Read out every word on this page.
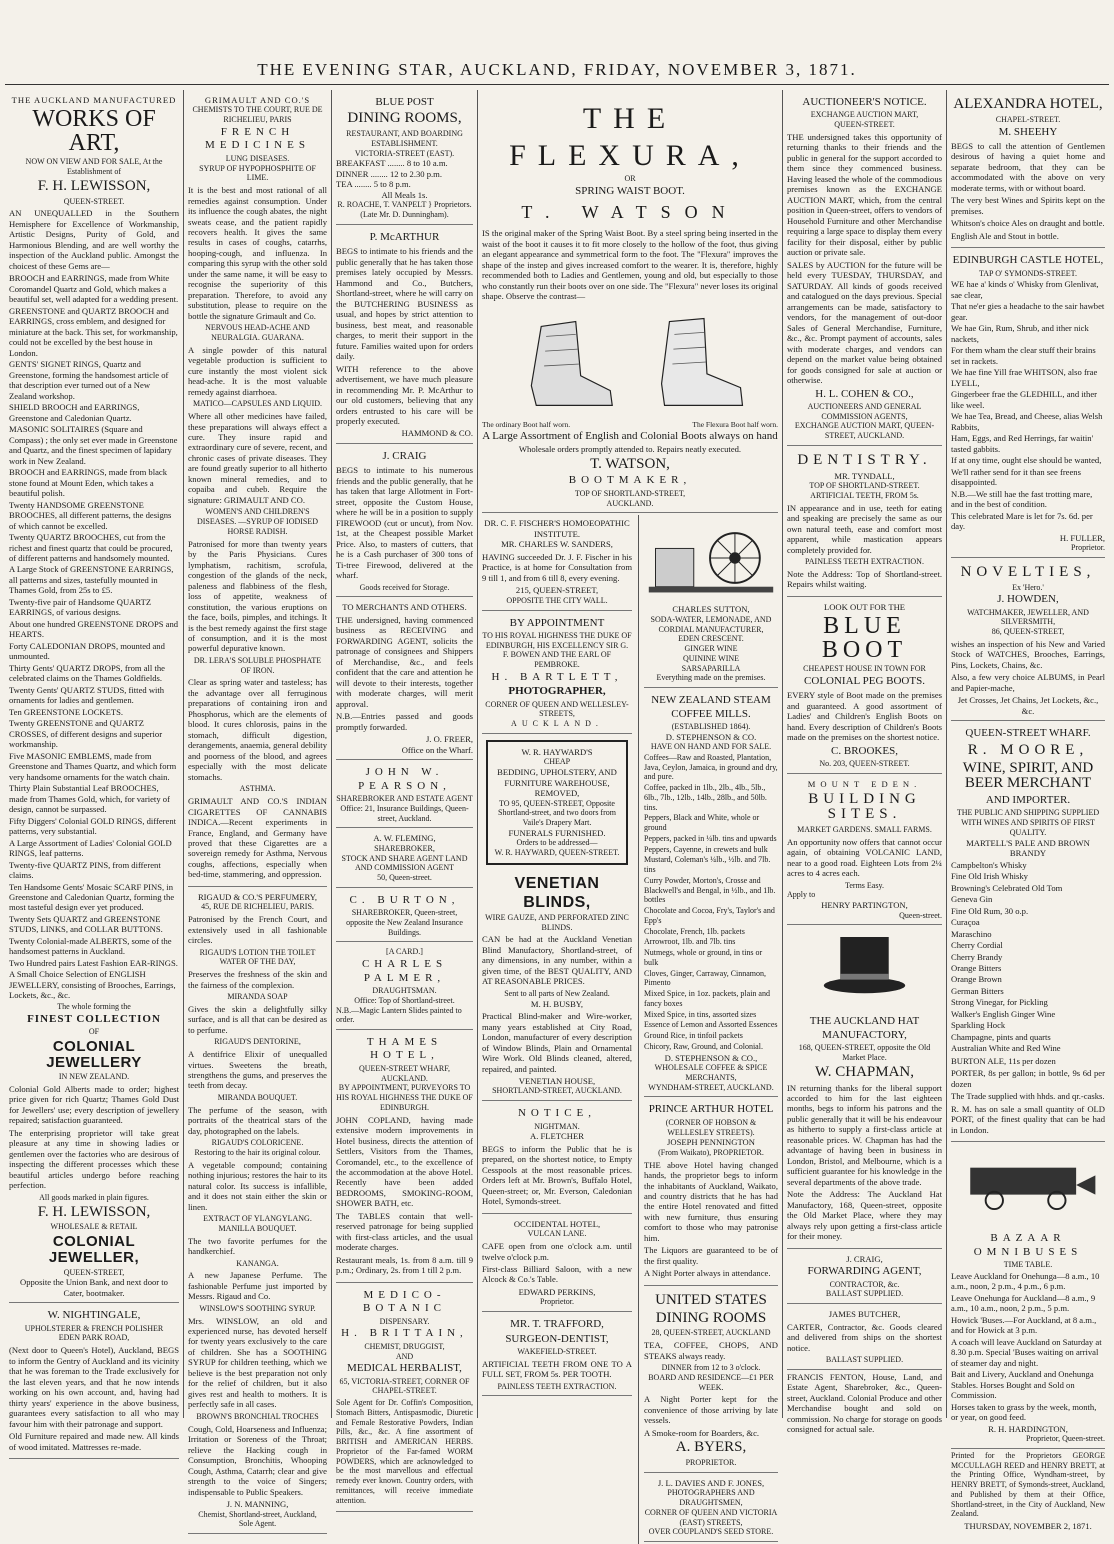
THE EVENING STAR, AUCKLAND, FRIDAY, NOVEMBER 3, 1871.
THE AUCKLAND MANUFACTURED
WORKS OF ART,
NOW ON VIEW AND FOR SALE, At the Establishment of
F. H. LEWISSON,
QUEEN-STREET.

AN UNEQUALLED in the Southern Hemisphere for Excellence of Workmanship, Artistic Designs, Purity of Gold, and Harmonious Blending, and are well worthy the inspection of the Auckland public. Amongst the choicest of these Gems are—

BROOCH and EARRINGS, made from White Coromandel Quartz and Gold, which makes a beautiful set, well adapted for a wedding present.

GREENSTONE and QUARTZ BROOCH and EARRINGS, cross emblem, and designed for miniature at the back. This set, for workmanship, could not be excelled by the best house in London.

GENTS' SIGNET RINGS, Quartz and Greenstone, forming the handsomest article of that description ever turned out of a New Zealand workshop.

SHIELD BROOCH and EARRINGS, Greenstone and Caledonian Quartz.

MASONIC SOLITAIRES (Square and Compass) ; the only set ever made in Greenstone and Quartz, and the finest specimen of lapidary work in New Zealand.

BROOCH and EARRINGS, made from black stone found at Mount Eden, which takes a beautiful polish.

Twenty HANDSOME GREENSTONE BROOCHES, all different patterns, the designs of which cannot be excelled.

Twenty QUARTZ BROOCHES, cut from the richest and finest quartz that could be procured, of different patterns and handsomely mounted.

A Large Stock of GREENSTONE EARRINGS, all patterns and sizes, tastefully mounted in Thames Gold, from 25s to £5.

Twenty-five pair of Handsome QUARTZ EARRINGS, of various designs.

About one hundred GREENSTONE DROPS and HEARTS.

Forty CALEDONIAN DROPS, mounted and unmounted.

Thirty Gents' QUARTZ DROPS, from all the celebrated claims on the Thames Goldfields.

Twenty Gents' QUARTZ STUDS, fitted with ornaments for ladies and gentlemen.

Ten GREENSTONE LOCKETS.

Twenty GREENSTONE and QUARTZ CROSSES, of different designs and superior workmanship.

Five MASONIC EMBLEMS, made from Greenstone and Thames Quartz, and which form very handsome ornaments for the watch chain.

Thirty Plain Substantial Leaf BROOCHES, made from Thames Gold, which, for variety of design, cannot be surpassed.

Fifty Diggers' Colonial GOLD RINGS, different patterns, very substantial.

A Large Assortment of Ladies' Colonial GOLD RINGS, leaf patterns.

Twenty-five QUARTZ PINS, from different claims.

Ten Handsome Gents' Mosaic SCARF PINS, in Greenstone and Caledonian Quartz, forming the most tasteful design ever yet produced.

Twenty Sets QUARTZ and GREENSTONE STUDS, LINKS, and COLLAR BUTTONS.

Twenty Colonial-made ALBERTS, some of the handsomest patterns in Auckland.

Two Hundred pairs Latest Fashion EAR-RINGS.

A Small Choice Selection of ENGLISH JEWELLERY, consisting of Brooches, Earrings, Lockets, &c., &c.

The whole forming the
FINEST COLLECTION
OF
COLONIAL JEWELLERY
IN NEW ZEALAND.

Colonial Gold Alberts made to order; highest price given for rich Quartz; Thames Gold Dust for Jewellers' use; every description of jewellery repaired; satisfaction guaranteed.

The enterprising proprietor will take great pleasure at any time in showing ladies or gentlemen over the factories who are desirous of inspecting the different processes which these beautiful articles undergo before reaching perfection.

All goods marked in plain figures.
F. H. LEWISSON,
WHOLESALE & RETAIL
COLONIAL JEWELLER,
QUEEN-STREET,
Opposite the Union Bank, and next door to Cater, bootmaker.
W. NIGHTINGALE,
UPHOLSTERER & FRENCH POLISHER
EDEN PARK ROAD,

(Next door to Queen's Hotel), Auckland, BEGS to inform the Gentry of Auckland and its vicinity that he was foreman to the Trade exclusively for the last eleven years, and that he now intends working on his own account, and, having had thirty years' experience in the above business, guarantees every satisfaction to all who may favour him with their patronage and support.

Old Furniture repaired and made new. All kinds of wood imitated. Mattresses re-made.

GRIMAULT AND CO.'S
CHEMISTS TO THE COURT, RUE DE RICHELIEU, PARIS
FRENCH MEDICINES
LUNG DISEASES.
SYRUP OF HYPOPHOSPHITE OF LIME.

It is the best and most rational of all remedies against consumption. Under its influence the cough abates, the night sweats cease, and the patient rapidly recovers health. It gives the same results in cases of coughs, catarrhs, hooping-cough, and influenza. In comparing this syrup with the other sold under the same name, it will be easy to recognise the superiority of this preparation. Therefore, to avoid any substitution, please to require on the bottle the signature Grimault and Co.

NERVOUS HEAD-ACHE AND NEURALGIA. GUARANA.

A single powder of this natural vegetable production is sufficient to cure instantly the most violent sick head-ache. It is the most valuable remedy against diarrhoea.

MATICO—CAPSULES AND LIQUID.

Where all other medicines have failed, these preparations will always effect a cure. They insure rapid and extraordinary cure of severe, recent, and chronic cases of private diseases. They are found greatly superior to all hitherto known mineral remedies, and to copaiba and cubeb. Require the signature: GRIMAULT AND CO.

WOMEN'S AND CHILDREN'S DISEASES. —SYRUP OF IODISED HORSE RADISH.

Patronised for more than twenty years by the Paris Physicians. Cures lymphatism, rachitism, scrofula, congestion of the glands of the neck, paleness and flabbiness of the flesh, loss of appetite, weakness of constitution, the various eruptions on the face, boils, pimples, and itchings. It is the best remedy against the first stage of consumption, and it is the most powerful depurative known.

DR. LERA'S SOLUBLE PHOSPHATE OF IRON.

Clear as spring water and tasteless; has the advantage over all ferruginous preparations of containing iron and Phosphorus, which are the elements of blood. It cures chlorosis, pains in the stomach, difficult digestion, derangements, anaemia, general debility and poorness of the blood, and agrees especially with the most delicate stomachs.

ASTHMA.

GRIMAULT AND CO.'S INDIAN CIGARETTES OF CANNABIS INDICA.—Recent experiments in France, England, and Germany have proved that these Cigarettes are a sovereign remedy for Asthma, Nervous coughs, affections, especially when bed-time, stammering, and oppression.

RIGAUD & CO.'S PERFUMERY,
45, RUE DE RICHELIEU, PARIS.

Patronised by the French Court, and extensively used in all fashionable circles.

RIGAUD'S LOTION THE TOILET WATER OF THE DAY,

Preserves the freshness of the skin and the fairness of the complexion.

MIRANDA SOAP

Gives the skin a delightfully silky surface, and is all that can be desired as to perfume.

RIGAUD'S DENTORINE,

A dentifrice Elixir of unequalled virtues. Sweetens the breath, strengthens the gums, and preserves the teeth from decay.

MIRANDA BOUQUET.

The perfume of the season, with portraits of the theatrical stars of the day, photographed on the labels.

RIGAUD'S COLORICENE.
Restoring to the hair its original colour.

A vegetable compound; containing nothing injurious; restores the hair to its natural color. Its success is infallible, and it does not stain either the skin or linen.

EXTRACT OF YLANGYLANG. MANILLA BOUQUET.

The two favorite perfumes for the handkerchief.

KANANGA.

A new Japanese Perfume. The fashionable Perfume just imported by Messrs. Rigaud and Co.

WINSLOW'S SOOTHING SYRUP.

Mrs. WINSLOW, an old and experienced nurse, has devoted herself for twenty years exclusively to the care of children. She has a SOOTHING SYRUP for children teething, which we believe is the best preparation not only for the relief of children, but it also gives rest and health to mothers. It is perfectly safe in all cases.

BROWN'S BRONCHIAL TROCHES

Cough, Cold, Hoarseness and Influenza; Irritation or Soreness of the Throat; relieve the Hacking cough in Consumption, Bronchitis, Whooping Cough, Asthma, Catarrh; clear and give strength to the voice of Singers; indispensable to Public Speakers.

J. N. MANNING,
Chemist, Shortland-street, Auckland,
Sole Agent.
BLUE POST
DINING ROOMS,
RESTAURANT, AND BOARDING
ESTABLISHMENT.
VICTORIA-STREET (EAST).
BREAKFAST ........ 8 to 10 a.m.
DINNER ........ 12 to 2.30 p.m.
TEA ........ 5 to 8 p.m.
All Meals 1s.
R. ROACHE, T. VANPELT } Proprietors.
(Late Mr. D. Dunningham).
P. McARTHUR

BEGS to intimate to his friends and the public generally that he has taken those premises lately occupied by Messrs. Hammond and Co., Butchers, Shortland-street, where he will carry on the BUTCHERING BUSINESS as usual, and hopes by strict attention to business, best meat, and reasonable charges, to merit their support in the future. Families waited upon for orders daily.

WITH reference to the above advertisement, we have much pleasure in recommending Mr. P. McArthur to our old customers, believing that any orders entrusted to his care will be properly executed.

HAMMOND & CO.
J. CRAIG

BEGS to intimate to his numerous friends and the public generally, that he has taken that large Allotment in Fort-street, opposite the Custom House, where he will be in a position to supply FIREWOOD (cut or uncut), from Nov. 1st, at the Cheapest possible Market Price. Also, to masters of cutters, that he is a Cash purchaser of 300 tons of Ti-tree Firewood, delivered at the wharf.

Goods received for Storage.
TO MERCHANTS AND OTHERS.

THE undersigned, having commenced business as RECEIVING and FORWARDING AGENT, solicits the patronage of consignees and Shippers of Merchandise, &c., and feels confident that the care and attention he will devote to their interests, together with moderate charges, will merit approval.

N.B.—Entries passed and goods promptly forwarded.

J. O. FREER,
Office on the Wharf.
JOHN W. PEARSON,
SHAREBROKER AND ESTATE AGENT
Office: 21, Insurance Buildings, Queen-street, Auckland.
A. W. FLEMING,
SHAREBROKER,
STOCK AND SHARE AGENT LAND AND COMMISSION AGENT
50, Queen-street.
C. BURTON,
SHAREBROKER, Queen-street,
opposite the New Zealand Insurance Buildings.
[A CARD.]
CHARLES PALMER,
DRAUGHTSMAN.
Office: Top of Shortland-street.
N.B.—Magic Lantern Slides painted to order.
THAMES HOTEL,
QUEEN-STREET WHARF, AUCKLAND.
BY APPOINTMENT, PURVEYORS TO HIS ROYAL HIGHNESS THE DUKE OF EDINBURGH.

JOHN COPLAND, having made extensive modern improvements in Hotel business, directs the attention of Settlers, Visitors from the Thames, Coromandel, etc., to the excellence of the accommodation at the above Hotel. Recently have been added BEDROOMS, SMOKING-ROOM, SHOWER BATH, etc.

The TABLES contain that well-reserved patronage for being supplied with first-class articles, and the usual moderate charges.

Restaurant meals, 1s. from 8 a.m. till 9 p.m.; Ordinary, 2s. from 1 till 2 p.m.

MEDICO-BOTANIC
DISPENSARY.
H. BRITTAIN,
CHEMIST, DRUGGIST,
AND
MEDICAL HERBALIST,
65, VICTORIA-STREET, CORNER OF CHAPEL-STREET.

Sole Agent for Dr. Coffin's Composition, Stomach Bitters, Antispasmodic, Diuretic and Female Restorative Powders, Indian Pills, &c., &c. A fine assortment of BRITISH and AMERICAN HERBS. Proprietor of the Far-famed WORM POWDERS, which are acknowledged to be the most marvellous and effectual remedy ever known. Country orders, with remittances, will receive immediate attention.

THE FLEXURA,
OR
SPRING WAIST BOOT.
T. WATSON

IS the original maker of the Spring Waist Boot. By a steel spring being inserted in the waist of the boot it causes it to fit more closely to the hollow of the foot, thus giving an elegant appearance and symmetrical form to the foot. The "Flexura" improves the shape of the instep and gives increased comfort to the wearer. It is, therefore, highly recommended both to Ladies and Gentlemen, young and old, but especially to those who constantly run their boots over on one side. The "Flexura" never loses its original shape. Observe the contrast—

The ordinary Boot half worn.	The Flexura Boot half worn.
A Large Assortment of English and Colonial Boots always on hand
Wholesale orders promptly attended to. Repairs neatly executed.
T. WATSON,
BOOTMAKER,
TOP OF SHORTLAND-STREET,
AUCKLAND.
DR. C. F. FISCHER'S HOMOEOPATHIC INSTITUTE.
MR. CHARLES W. SANDERS,

HAVING succeeded Dr. J. F. Fischer in his Practice, is at home for Consultation from 9 till 1, and from 6 till 8, every evening.

215, QUEEN-STREET,
OPPOSITE THE CITY WALL.
BY APPOINTMENT
TO HIS ROYAL HIGHNESS THE DUKE OF EDINBURGH, HIS EXCELLENCY SIR G. F. BOWEN AND THE EARL OF PEMBROKE.
H. BARTLETT,
PHOTOGRAPHER,
CORNER OF QUEEN AND WELLESLEY-STREETS,
AUCKLAND.
W. R. HAYWARD'S
CHEAP
BEDDING, UPHOLSTERY, AND FURNITURE WAREHOUSE, REMOVED,
TO 95, QUEEN-STREET, Opposite Shortland-street, and two doors from Vaile's Drapery Mart.
FUNERALS FURNISHED.
Orders to be addressed—
W. R. HAYWARD, QUEEN-STREET.
VENETIAN BLINDS,
WIRE GAUZE, AND PERFORATED ZINC BLINDS.

CAN be had at the Auckland Venetian Blind Manufactory, Shortland-street, of any dimensions, in any number, within a given time, of the BEST QUALITY, AND AT REASONABLE PRICES.

Sent to all parts of New Zealand.
M. H. BUSBY,

Practical Blind-maker and Wire-worker, many years established at City Road, London, manufacturer of every description of Window Blinds, Plain and Ornamental Wire Work. Old Blinds cleaned, altered, repaired, and painted.

VENETIAN HOUSE,
SHORTLAND-STREET, AUCKLAND.
NOTICE,
NIGHTMAN.
A. FLETCHER

BEGS to inform the Public that he is prepared, on the shortest notice, to Empty Cesspools at the most reasonable prices. Orders left at Mr. Brown's, Buffalo Hotel, Queen-street; or, Mr. Everson, Caledonian Hotel, Symonds-street.

OCCIDENTAL HOTEL,
VULCAN LANE.

CAFE open from one o'clock a.m. until twelve o'clock p.m.

First-class Billiard Saloon, with a new Alcock & Co.'s Table.

EDWARD PERKINS,
Proprietor.
MR. T. TRAFFORD,
SURGEON-DENTIST,
WAKEFIELD-STREET.

ARTIFICIAL TEETH FROM ONE TO A FULL SET, FROM 5s. PER TOOTH.

PAINLESS TEETH EXTRACTION.
CHARLES SUTTON,
SODA-WATER, LEMONADE, AND CORDIAL MANUFACTURER,
EDEN CRESCENT.
GINGER WINE
QUININE WINE
SARSAPARILLA
Everything made on the premises.
NEW ZEALAND STEAM COFFEE MILLS.
(ESTABLISHED 1864).
D. STEPHENSON & CO.
HAVE ON HAND AND FOR SALE.

Coffees—Raw and Roasted, Plantation, Java, Ceylon, Jamaica, in ground and dry, and pure.

Coffee, packed in 1lb., 2lb., 4lb., 5lb., 6lb., 7lb., 12lb., 14lb., 28lb., and 50lb. tins.

Peppers, Black and White, whole or ground

Peppers, packed in ¼lb. tins and upwards

Peppers, Cayenne, in crewets and bulk

Mustard, Coleman's ¼lb., ½lb. and 7lb. tins

Curry Powder, Morton's, Crosse and Blackwell's and Bengal, in ½lb., and 1lb. bottles

Chocolate and Cocoa, Fry's, Taylor's and Epp's

Chocolate, French, 1lb. packets

Arrowroot, 1lb. and 7lb. tins

Nutmegs, whole or ground, in tins or bulk

Cloves, Ginger, Carraway, Cinnamon, Pimento

Mixed Spice, in 1oz. packets, plain and fancy boxes

Mixed Spice, in tins, assorted sizes

Essence of Lemon and Assorted Essences

Ground Rice, in tinfoil packets

Chicory, Raw, Ground, and Colonial.

D. STEPHENSON & CO.,
WHOLESALE COFFEE & SPICE MERCHANTS,
WYNDHAM-STREET, AUCKLAND.
PRINCE ARTHUR HOTEL
(CORNER OF HOBSON & WELLESLEY STREETS).
JOSEPH PENNINGTON
(From Waikato), PROPRIETOR.

THE above Hotel having changed hands, the proprietor begs to inform the inhabitants of Auckland, Waikato, and country districts that he has had the entire Hotel renovated and fitted with new furniture, thus ensuring comfort to those who may patronise him.

The Liquors are guaranteed to be of the first quality.

A Night Porter always in attendance.

UNITED STATES
DINING ROOMS
28, QUEEN-STREET, AUCKLAND

TEA, COFFEE, CHOPS, AND STEAKS always ready.

DINNER from 12 to 3 o'clock.
BOARD AND RESIDENCE—£1 PER WEEK.

A Night Porter kept for the convenience of those arriving by late vessels.

A Smoke-room for Boarders, &c.

A. BYERS,
PROPRIETOR.
J. L. DAVIES AND F. JONES,
PHOTOGRAPHERS AND DRAUGHTSMEN,
CORNER OF QUEEN AND VICTORIA (EAST) STREETS,
OVER COUPLAND'S SEED STORE.
AUCTIONEER'S NOTICE.
EXCHANGE AUCTION MART,
QUEEN-STREET.

THE undersigned takes this opportunity of returning thanks to their friends and the public in general for the support accorded to them since they commenced business. Having leased the whole of the commodious premises known as the EXCHANGE AUCTION MART, which, from the central position in Queen-street, offers to vendors of Household Furniture and other Merchandise requiring a large space to display them every facility for their disposal, either by public auction or private sale.

SALES by AUCTION for the future will be held every TUESDAY, THURSDAY, and SATURDAY. All kinds of goods received and catalogued on the days previous. Special arrangements can be made, satisfactory to vendors, for the management of out-door Sales of General Merchandise, Furniture, &c., &c. Prompt payment of accounts, sales with moderate charges, and vendors can depend on the market value being obtained for goods consigned for sale at auction or otherwise.

H. L. COHEN & CO.,
AUCTIONEERS AND GENERAL COMMISSION AGENTS,
EXCHANGE AUCTION MART, QUEEN-STREET, AUCKLAND.
DENTISTRY.
MR. TYNDALL,
TOP OF SHORTLAND-STREET.
ARTIFICIAL TEETH, FROM 5s.

IN appearance and in use, teeth for eating and speaking are precisely the same as our own natural teeth, ease and comfort most apparent, while mastication appears completely provided for.

PAINLESS TEETH EXTRACTION.

Note the Address: Top of Shortland-street. Repairs whilst waiting.

LOOK OUT FOR THE
BLUE BOOT
CHEAPEST HOUSE IN TOWN FOR
COLONIAL PEG BOOTS.

EVERY style of Boot made on the premises and guaranteed. A good assortment of Ladies' and Children's English Boots on hand. Every description of Children's Boots made on the premises on the shortest notice.

C. BROOKES,
No. 203, QUEEN-STREET.
MOUNT EDEN.
BUILDING SITES.
MARKET GARDENS. SMALL FARMS.

An opportunity now offers that cannot occur again, of obtaining VOLCANIC LAND, near to a good road. Eighteen Lots from 2¼ acres to 4 acres each.

Terms Easy.
Apply to
HENRY PARTINGTON,
Queen-street.
THE AUCKLAND HAT MANUFACTORY,
168, QUEEN-STREET, opposite the Old Market Place.
W. CHAPMAN,

IN returning thanks for the liberal support accorded to him for the last eighteen months, begs to inform his patrons and the public generally that it will be his endeavour as hitherto to supply a first-class article at reasonable prices. W. Chapman has had the advantage of having been in business in London, Bristol, and Melbourne, which is a sufficient guarantee for his knowledge in the several departments of the above trade.

Note the Address: The Auckland Hat Manufactory, 168, Queen-street, opposite the Old Market Place, where they may always rely upon getting a first-class article for their money.

J. CRAIG,
FORWARDING AGENT,
CONTRACTOR, &c.
BALLAST SUPPLIED.
JAMES BUTCHER,

CARTER, Contractor, &c. Goods cleared and delivered from ships on the shortest notice.

BALLAST SUPPLIED.

FRANCIS FENTON, House, Land, and Estate Agent, Sharebroker, &c., Queen-street, Auckland. Colonial Produce and other Merchandise bought and sold on commission. No charge for storage on goods consigned for actual sale.

ALEXANDRA HOTEL,
CHAPEL-STREET.
M. SHEEHY

BEGS to call the attention of Gentlemen desirous of having a quiet home and separate bedroom, that they can be accommodated with the above on very moderate terms, with or without board.

The very best Wines and Spirits kept on the premises.

Whitson's choice Ales on draught and bottle.

English Ale and Stout in bottle.

EDINBURGH CASTLE HOTEL,
TAP O' SYMONDS-STREET.

WE hae a' kinds o' Whisky from Glenlivat, sae clear,

That ne'er gies a headache to the sair hawbet gear.

We hae Gin, Rum, Shrub, and ither nick nackets,

For them wham the clear stuff their brains set in rackets.

We hae fine Yill frae WHITSON, also frae LYELL,

Gingerbeer frae the GLEDHILL, and ither like weel.

We hae Tea, Bread, and Cheese, alias Welsh Rabbits,

Ham, Eggs, and Red Herrings, far waitin' tasted gabbits.

If at ony time, ought else should be wanted,

We'll rather send for it than see freens disappointed.

N.B.—We still hae the fast trotting mare, and in the best of condition.

This celebrated Mare is let for 7s. 6d. per day.

H. FULLER,
Proprietor.
NOVELTIES,
Ex 'Hero.'
J. HOWDEN,
WATCHMAKER, JEWELLER, AND SILVERSMITH,
86, QUEEN-STREET,

wishes an inspection of his New and Varied Stock of WATCHES, Brooches, Earrings, Pins, Lockets, Chains, &c.

Also, a few very choice ALBUMS, in Pearl and Papier-mache,

Jet Crosses, Jet Chains, Jet Lockets, &c., &c.
QUEEN-STREET WHARF.
R. MOORE,
WINE, SPIRIT, AND BEER MERCHANT
AND IMPORTER.
THE PUBLIC AND SHIPPING SUPPLIED WITH WINES AND SPIRITS OF FIRST QUALITY.
MARTELL'S PALE AND BROWN BRANDY

Campbelton's Whisky

Fine Old Irish Whisky

Browning's Celebrated Old Tom

Geneva Gin

Fine Old Rum, 30 o.p.

Curaçoa

Maraschino

Cherry Cordial

Cherry Brandy

Orange Bitters

Orange Brown

German Bitters

Strong Vinegar, for Pickling

Walker's English Ginger Wine

Sparkling Hock

Champagne, pints and quarts

Australian White and Red Wine

BURTON ALE, 11s per dozen

PORTER, 8s per gallon; in bottle, 9s 6d per dozen

The Trade supplied with hhds. and qr.-casks.

R. M. has on sale a small quantity of OLD PORT, of the finest quality that can be had in London.

BAZAAR OMNIBUSES
TIME TABLE.

Leave Auckland for Onehunga—8 a.m., 10 a.m., noon, 2 p.m., 4 p.m., 6 p.m.

Leave Onehunga for Auckland—8 a.m., 9 a.m., 10 a.m., noon, 2 p.m., 5 p.m.

Howick 'Buses.—For Auckland, at 8 a.m., and for Howick at 3 p.m.

A coach will leave Auckland on Saturday at 8.30 p.m. Special 'Buses waiting on arrival of steamer day and night.

Bait and Livery, Auckland and Onehunga Stables. Horses Bought and Sold on Commission.

Horses taken to grass by the week, month, or year, on good feed.

R. H. HARDINGTON,
Proprietor, Queen-street.

Printed for the Proprietors GEORGE MCCULLAGH REED and HENRY BRETT, at the Printing Office, Wyndham-street, by HENRY BRETT, of Symonds-street, Auckland, and Published by them at their Office, Shortland-street, in the City of Auckland, New Zealand.

THURSDAY, NOVEMBER 2, 1871.
